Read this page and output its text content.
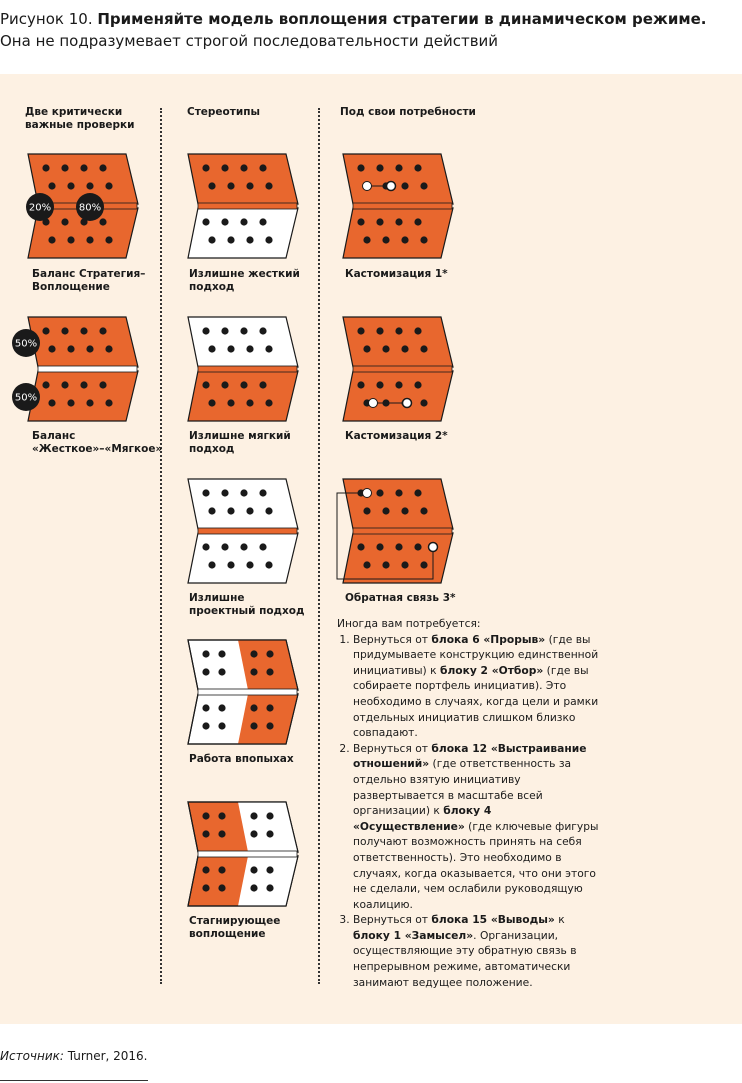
Рисунок 10. Применяйте модель воплощения стратегии в динамическом режиме. Она не подразумевает строгой последовательности действий
Две критически важные проверки
Стереотипы	Под свои потребности
20%	80%
Баланс Стратегия–Воплощение
50%
50%
Баланс «Жесткое»–«Мягкое»
Излишне жесткий подход
Излишне мягкий подход
Излишне проектный подход
Работа впопыхах
Стагнирующее воплощение
Кастомизация 1*
Кастомизация 2*
Обратная связь 3*

Иногда вам потребуется:

1. Вернуться от блока 6 «Прорыв» (где вы придумываете конструкцию единственной инициативы) к блоку 2 «Отбор» (где вы собираете портфель инициатив). Это необходимо в случаях, когда цели и рамки отдельных инициатив слишком близко совпадают.
2. Вернуться от блока 12 «Выстраивание отношений» (где ответственность за отдельно взятую инициативу развертывается в масштабе всей организации) к блоку 4 «Осуществление» (где ключевые фигуры получают возможность принять на себя ответственность). Это необходимо в случаях, когда оказывается, что они этого не сделали, чем ослабили руководящую коалицию.
3. Вернуться от блока 15 «Выводы» к блоку 1 «Замысел». Организации, осуществляющие эту обратную связь в непрерывном режиме, автоматически занимают ведущее положение.
Источник: Turner, 2016.
